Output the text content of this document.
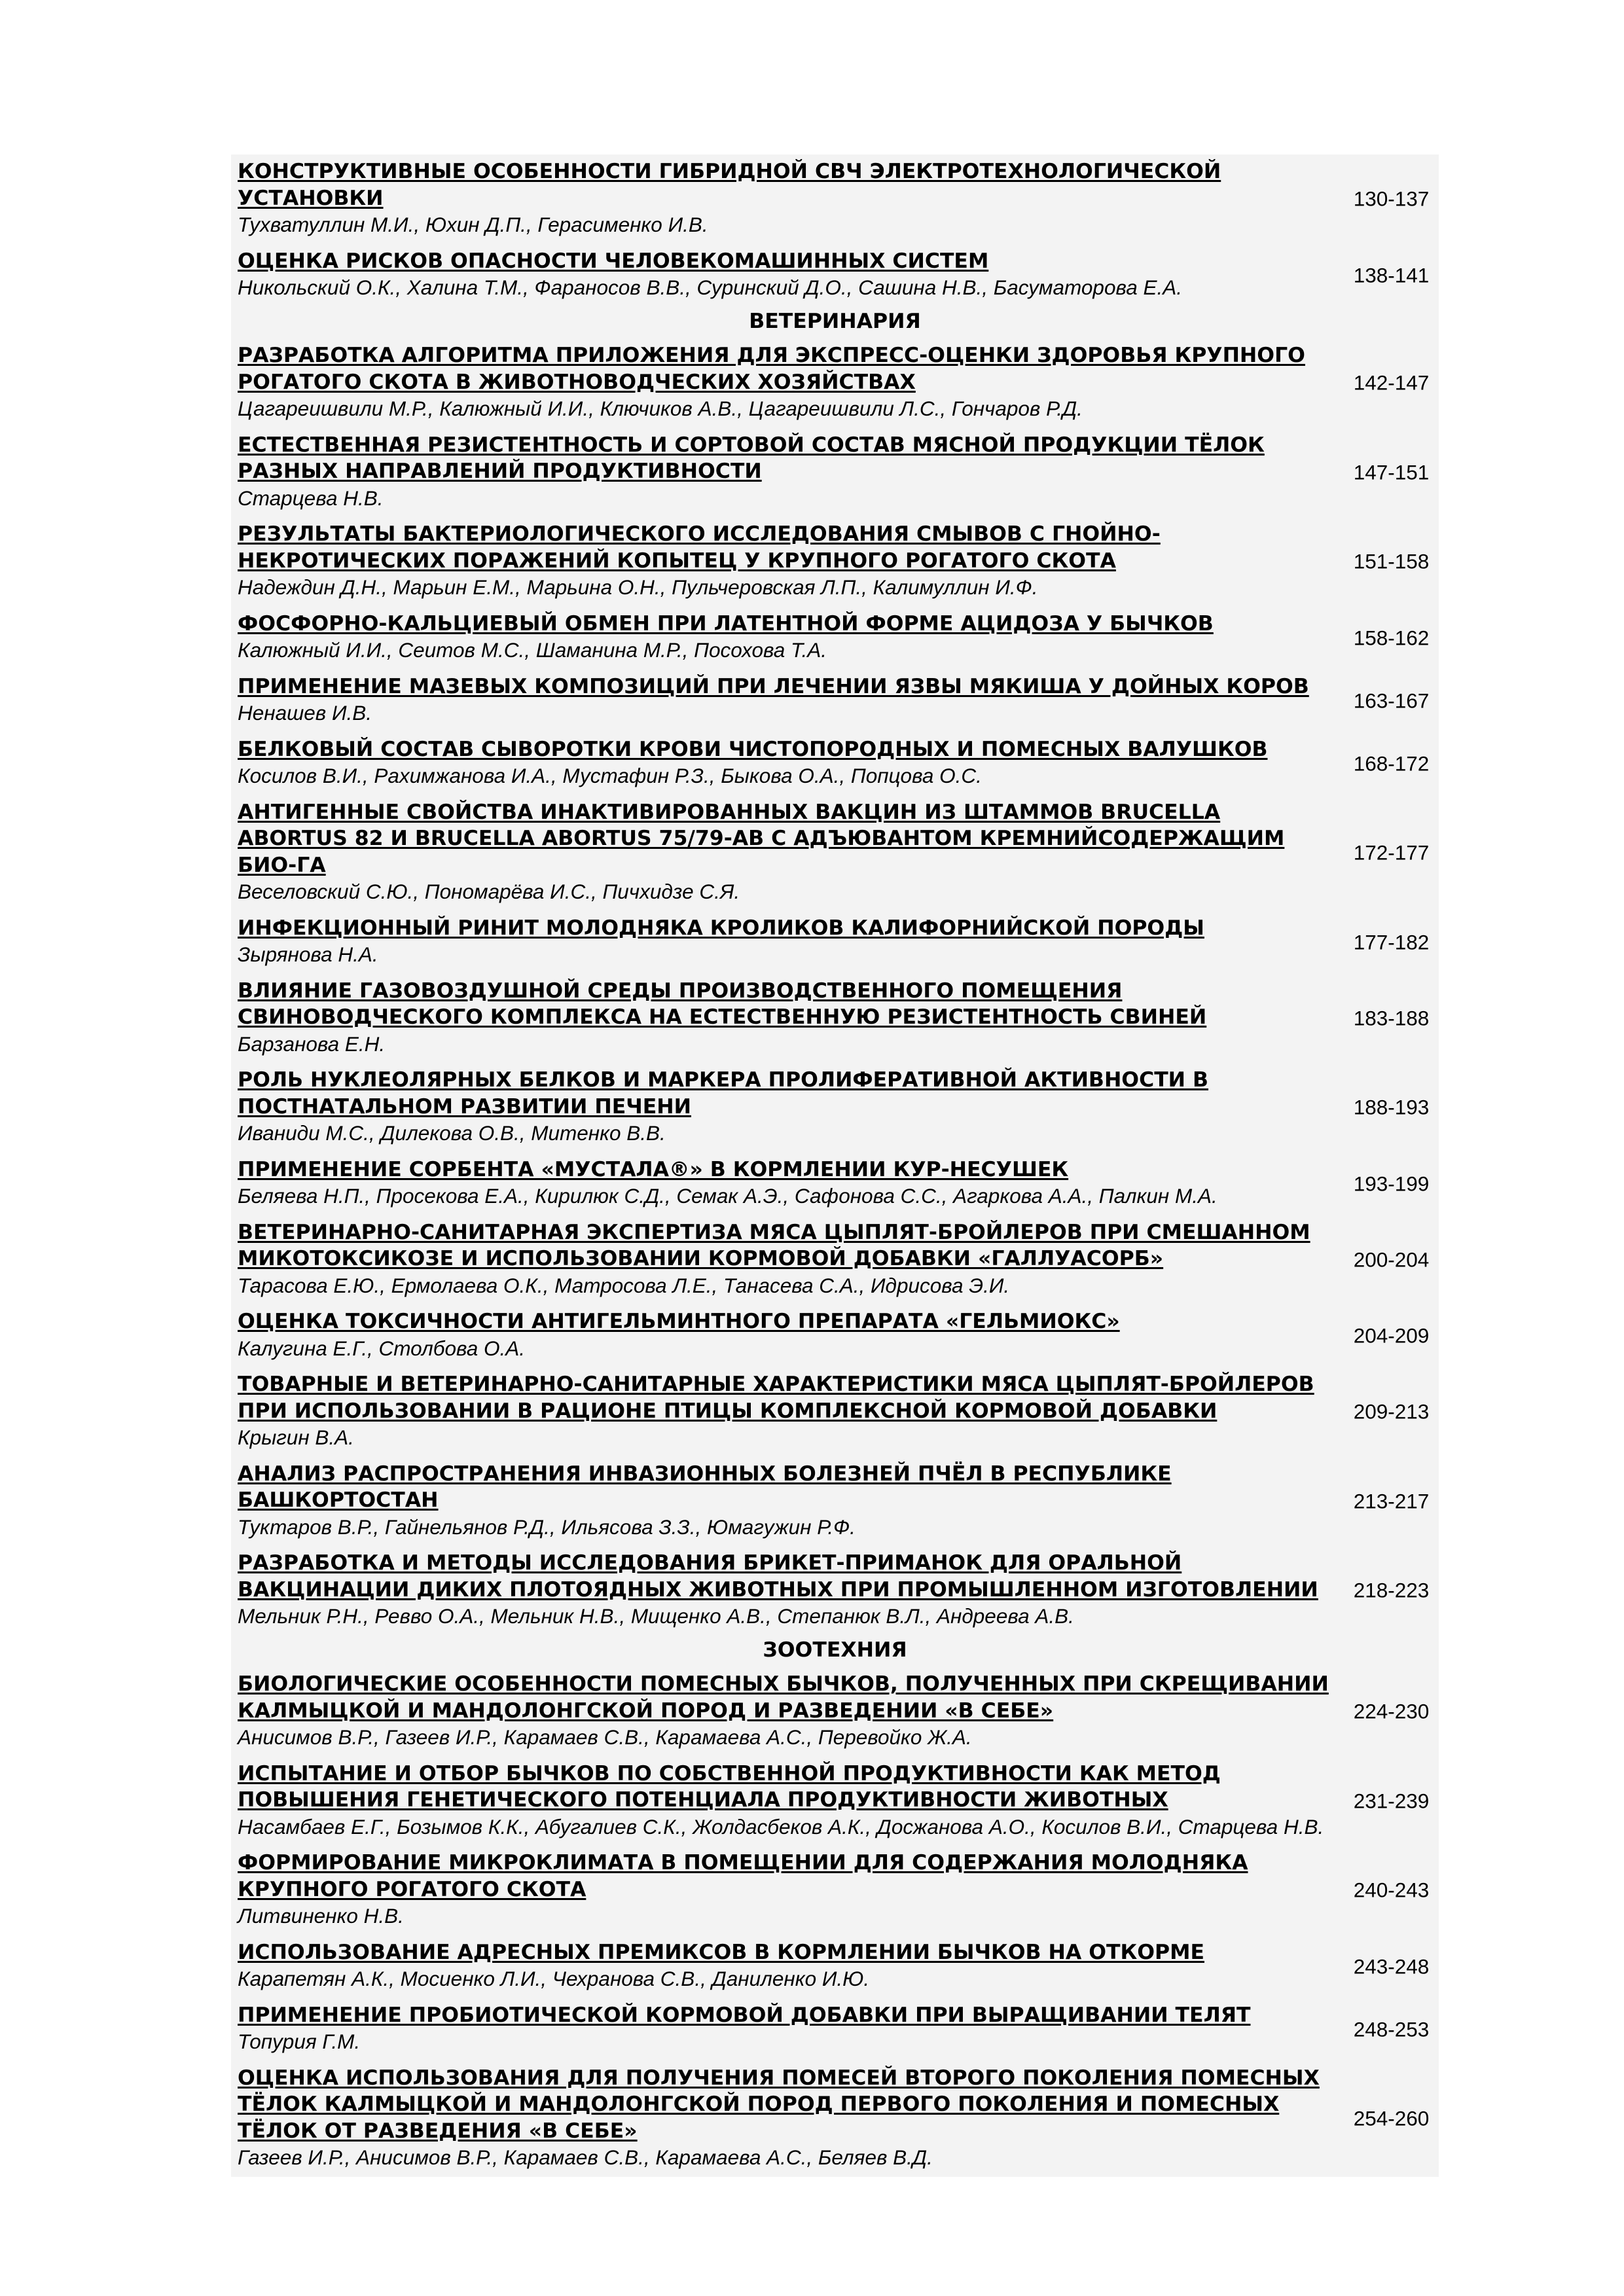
КОНСТРУКТИВНЫЕ ОСОБЕННОСТИ ГИБРИДНОЙ СВЧ ЭЛЕКТРОТЕХНОЛОГИЧЕСКОЙ УСТАНОВКИ
Тухватуллин М.И., Юхин Д.П., Герасименко И.В.
130-137
ОЦЕНКА РИСКОВ ОПАСНОСТИ ЧЕЛОВЕКОМАШИННЫХ СИСТЕМ
Никольский О.К., Халина Т.М., Фаранοсов В.В., Суринский Д.О., Сашина Н.В., Басуматорова Е.А.
138-141
ВЕТЕРИНАРИЯ
РАЗРАБОТКА АЛГОРИТМА ПРИЛОЖЕНИЯ ДЛЯ ЭКСПРЕСС-ОЦЕНКИ ЗДОРОВЬЯ КРУПНОГО РОГАТОГО СКОТА В ЖИВОТНОВОДЧЕСКИХ ХОЗЯЙСТВАХ
Цагареишвили М.Р., Калюжный И.И., Ключиков А.В., Цагареишвили Л.С., Гончаров Р.Д.
142-147
ЕСТЕСТВЕННАЯ РЕЗИСТЕНТНОСТЬ И СОРТОВОЙ СОСТАВ МЯСНОЙ ПРОДУКЦИИ ТЁЛОК РАЗНЫХ НАПРАВЛЕНИЙ ПРОДУКТИВНОСТИ
Старцева Н.В.
147-151
РЕЗУЛЬТАТЫ БАКТЕРИОЛОГИЧЕСКОГО ИССЛЕДОВАНИЯ СМЫВОВ С ГНОЙНО-НЕКРОТИЧЕСКИХ ПОРАЖЕНИЙ КОПЫТЕЦ У КРУПНОГО РОГАТОГО СКОТА
Надеждин Д.Н., Марьин Е.М., Марьина О.Н., Пульчеровская Л.П., Калимуллин И.Ф.
151-158
ФОСФОРНО-КАЛЬЦИЕВЫЙ ОБМЕН ПРИ ЛАТЕНТНОЙ ФОРМЕ АЦИДОЗА У БЫЧКОВ
Калюжный И.И., Сеитов М.С., Шаманина М.Р., Посохова Т.А.
158-162
ПРИМЕНЕНИЕ МАЗЕВЫХ КОМПОЗИЦИЙ ПРИ ЛЕЧЕНИИ ЯЗВЫ МЯКИША У ДОЙНЫХ КОРОВ
Ненашев И.В.
163-167
БЕЛКОВЫЙ СОСТАВ СЫВОРОТКИ КРОВИ ЧИСТОПОРОДНЫХ И ПОМЕСНЫХ ВАЛУШКОВ
Косилов В.И., Рахимжанова И.А., Мустафин Р.З., Быкова О.А., Попцова О.С.
168-172
АНТИГЕННЫЕ СВОЙСТВА ИНАКТИВИРОВАННЫХ ВАКЦИН ИЗ ШТАММОВ BRUCELLA ABORTUS 82 И BRUCELLA ABORTUS 75/79-АВ С АДЪЮВАНТОМ КРЕМНИЙСОДЕРЖАЩИМ БИО-ГА
Веселовский С.Ю., Пономарёва И.С., Пичхидзе С.Я.
172-177
ИНФЕКЦИОННЫЙ РИНИТ МОЛОДНЯКА КРОЛИКОВ КАЛИФОРНИЙСКОЙ ПОРОДЫ
Зырянова Н.А.
177-182
ВЛИЯНИЕ ГАЗОВОЗДУШНОЙ СРЕДЫ ПРОИЗВОДСТВЕННОГО ПОМЕЩЕНИЯ СВИНОВОДЧЕСКОГО КОМПЛЕКСА НА ЕСТЕСТВЕННУЮ РЕЗИСТЕНТНОСТЬ СВИНЕЙ
Барзанова Е.Н.
183-188
РОЛЬ НУКЛЕОЛЯРНЫХ БЕЛКОВ И МАРКЕРА ПРОЛИФЕРАТИВНОЙ АКТИВНОСТИ В ПОСТНАТАЛЬНОМ РАЗВИТИИ ПЕЧЕНИ
Иваниди М.С., Дилекова О.В., Митенко В.В.
188-193
ПРИМЕНЕНИЕ СОРБЕНТА «МУСТАЛА®» В КОРМЛЕНИИ КУР-НЕСУШЕК
Беляева Н.П., Просекова Е.А., Кирилюк С.Д., Семак А.Э., Сафонова С.С., Агаркова А.А., Палкин М.А.
193-199
ВЕТЕРИНАРНО-САНИТАРНАЯ ЭКСПЕРТИЗА МЯСА ЦЫПЛЯТ-БРОЙЛЕРОВ ПРИ СМЕШАННОМ МИКОТОКСИКОЗЕ И ИСПОЛЬЗОВАНИИ КОРМОВОЙ ДОБАВКИ «ГАЛЛУАСОРБ»
Тарасова Е.Ю., Ермолаева О.К., Матросова Л.Е., Танасева С.А., Идрисова Э.И.
200-204
ОЦЕНКА ТОКСИЧНОСТИ АНТИГЕЛЬМИНТНОГО ПРЕПАРАТА «ГЕЛЬМИОКС»
Калугина Е.Г., Столбова О.А.
204-209
ТОВАРНЫЕ И ВЕТЕРИНАРНО-САНИТАРНЫЕ ХАРАКТЕРИСТИКИ МЯСА ЦЫПЛЯТ-БРОЙЛЕРОВ ПРИ ИСПОЛЬЗОВАНИИ В РАЦИОНЕ ПТИЦЫ КОМПЛЕКСНОЙ КОРМОВОЙ ДОБАВКИ
Крыгин В.А.
209-213
АНАЛИЗ РАСПРОСТРАНЕНИЯ ИНВАЗИОННЫХ БОЛЕЗНЕЙ ПЧЁЛ В РЕСПУБЛИКЕ БАШКОРТОСТАН
Туктаров В.Р., Гайнельянов Р.Д., Ильясова З.З., Юмагужин Р.Ф.
213-217
РАЗРАБОТКА И МЕТОДЫ ИССЛЕДОВАНИЯ БРИКЕТ-ПРИМАНОК ДЛЯ ОРАЛЬНОЙ ВАКЦИНАЦИИ ДИКИХ ПЛОТОЯДНЫХ ЖИВОТНЫХ ПРИ ПРОМЫШЛЕННОМ ИЗГОТОВЛЕНИИ
Мельник Р.Н., Ревво О.А., Мельник Н.В., Мищенко А.В., Степанюк В.Л., Андреева А.В.
218-223
ЗООТЕХНИЯ
БИОЛОГИЧЕСКИЕ ОСОБЕННОСТИ ПОМЕСНЫХ БЫЧКОВ, ПОЛУЧЕННЫХ ПРИ СКРЕЩИВАНИИ КАЛМЫЦКОЙ И МАНДОЛОНГСКОЙ ПОРОД И РАЗВЕДЕНИИ «В СЕБЕ»
Анисимов В.Р., Газеев И.Р., Карамаев С.В., Карамаева А.С., Перевойко Ж.А.
224-230
ИСПЫТАНИЕ И ОТБОР БЫЧКОВ ПО СОБСТВЕННОЙ ПРОДУКТИВНОСТИ КАК МЕТОД ПОВЫШЕНИЯ ГЕНЕТИЧЕСКОГО ПОТЕНЦИАЛА ПРОДУКТИВНОСТИ ЖИВОТНЫХ
Насамбаев Е.Г., Бозымов К.К., Абугалиев С.К., Жолдасбеков А.К., Досжанова А.О., Косилов В.И., Старцева Н.В.
231-239
ФОРМИРОВАНИЕ МИКРОКЛИМАТА В ПОМЕЩЕНИИ ДЛЯ СОДЕРЖАНИЯ МОЛОДНЯКА КРУПНОГО РОГАТОГО СКОТА
Литвиненко Н.В.
240-243
ИСПОЛЬЗОВАНИЕ АДРЕСНЫХ ПРЕМИКСОВ В КОРМЛЕНИИ БЫЧКОВ НА ОТКОРМЕ
Карапетян А.К., Мосиенко Л.И., Чехранова С.В., Даниленко И.Ю.
243-248
ПРИМЕНЕНИЕ ПРОБИОТИЧЕСКОЙ КОРМОВОЙ ДОБАВКИ ПРИ ВЫРАЩИВАНИИ ТЕЛЯТ
Топурия Г.М.
248-253
ОЦЕНКА ИСПОЛЬЗОВАНИЯ ДЛЯ ПОЛУЧЕНИЯ ПОМЕСЕЙ ВТОРОГО ПОКОЛЕНИЯ ПОМЕСНЫХ ТЁЛОК КАЛМЫЦКОЙ И МАНДОЛОНГСКОЙ ПОРОД ПЕРВОГО ПОКОЛЕНИЯ И ПОМЕСНЫХ ТЁЛОК ОТ РАЗВЕДЕНИЯ «В СЕБЕ»
Газеев И.Р., Анисимов В.Р., Карамаев С.В., Карамаева А.С., Беляев В.Д.
254-260
